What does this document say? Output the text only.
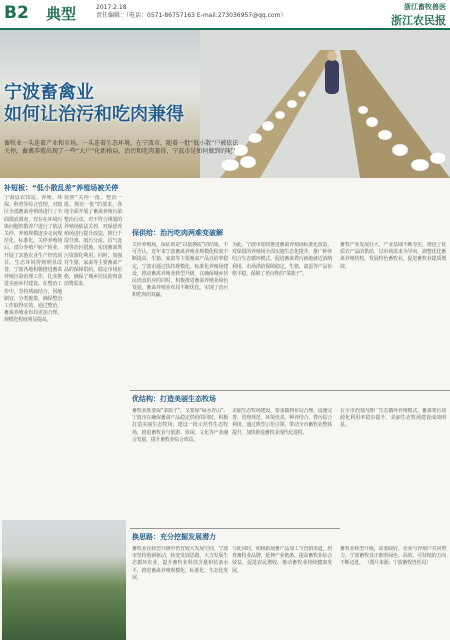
B2 典型	2017.2.18
责任编辑：（电话：0571-86757163 E-mail:273036957@qq.com）
浙江畜牧兽医
浙江农民报
宁波畜禽业
如何让治污和吃肉兼得
畜牧业一头连着产业和市场，一头连着生态环境。在宁波市，随着一批“低小散”户被依法关停，畜禽养殖出现了一些“大户”化新格局，治污和吃肉兼得，宁波市是如何做到的呢？
补短板：“低小散乱差”养殖场被关停
宁海县农技站、养殖、环保、科普等综合管理，对辖区全部畜禽养殖场进行了全面摸底调查，对存在环境污染问题的散养户进行了依法关停。养殖规模逐步走向规范化、标准化。关停养殖场后，部分养殖户转产转业，开展了其他农业生产经营项目。生态环境得到明显改善，宁波各地积极推进畜禽养殖污染治理工作，扎实推进美丽乡村建设。在整治工作中，坚持堵疏结合，因地制宜，分类施策，确保整治工作取得实效。通过整治，畜禽养殖业布局更加合理，规模化程度明显提高。
按照“关停一批、整治一批、规范一批”的要求，各地全面开展了畜禽养殖污染整治行动。对不符合规划的养殖场依法关停，对保留养殖场进行提升改造，推行干湿分离、雨污分流、沼气处理等治污措施，实现畜禽粪污资源化利用。同时，加强对生猪、家禽等主要畜禽产品的保障供给，稳定市场价格，确保了城乡居民的肉食消费需求。
保供给：治污吃肉两难变破解
关停养殖场，保证的是“以量换质”的结果。不可否认，近年来宁波畜禽养殖业规模化程度不断提高，生猪、家禽等主要畜禽产品自给率稳定，宁波市通过扶持规模化、标准化养殖场建设，推动畜禽养殖业转型升级，在确保城乡居民肉食供应的同时，积极推进畜禽养殖业绿色发展，畜禽养殖业布局不断优化，实现了治污和吃肉的双赢。
为此，宁波市加快推进畜禽养殖场标准化改造，对保留的养殖场全面实施生态化提升，推广种养结合生态循环模式，促进畜禽粪污就地就近消纳利用。市场供给保障稳定，生猪、禽蛋等产品价格平稳，保障了老百姓的“菜篮子”。
优结构：打造美丽生态牧场
畜牧业既要保“菜篮子”，又要保“绿水青山”。宁波市在确保畜禽产品稳定供给的同时，积极打造美丽生态牧场，建设一批示范性生态牧场，推进畜牧业与旅游、休闲、文化等产业融合发展，提升畜牧业综合效益。
美丽生态牧场建设，要求做到布局合理、设施完善、管理规范、环境优美、种养结合、粪污综合利用。通过典型示范引领，带动全市畜牧业整体提升，加快推进畜牧业现代化进程。
换思路：充分挖掘发展潜力
畜牧业在转型升级中仍有较大发展空间，宁波市坚持创新驱动，转变发展思路，大力发展生态循环农业，提升畜牧业科技含量和装备水平，推进畜禽养殖规模化、标准化、生态化发展。
与此同时，积极拓展畜产品加工与营销渠道，培育畜牧业品牌，延伸产业链条，提高畜牧业综合效益，促进农民增收，推动畜牧业持续健康发展。
畜牧产业发展壮大，产业基础不断夯实，推进了优质农产品的供给，以市场需求为导向，调整优化畜禽养殖结构，发展特色畜牧业，促进畜牧业提质增效。
在全市范围内推广生态循环养殖模式，畜禽粪污资源化利用率稳步提升，美丽生态牧场建设成效明显。
畜牧业转型升级，需要政府、企业与养殖户共同努力，宁波畜牧业正朝着绿色、高效、可持续的方向不断迈进。 （图片来源：宁波畜牧兽医局）
